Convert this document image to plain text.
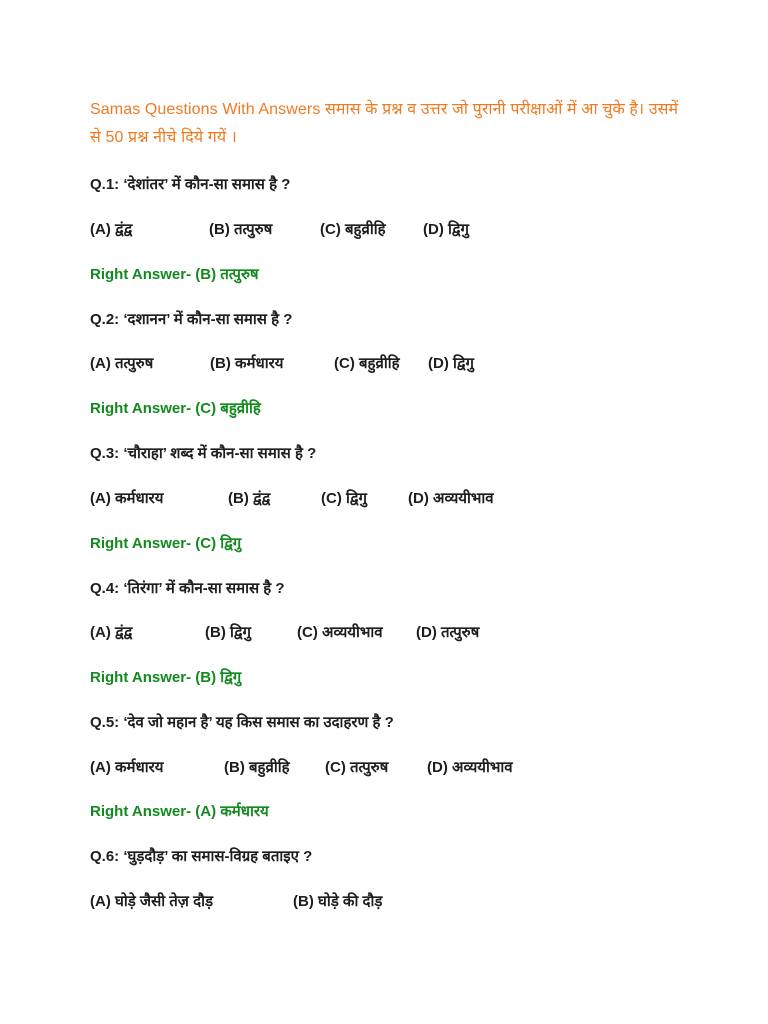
Samas Questions With Answers समास के प्रश्न व उत्तर जो पुरानी परीक्षाओं में आ चुके है। उसमें से 50 प्रश्न नीचे दिये गयें ।
Q.1: ‘देशांतर’ में कौन-सा समास है ?
(A) द्वंद्व	(B) तत्पुरुष	(C) बहुव्रीहि (D) द्विगु
Right Answer- (B) तत्पुरुष
Q.2: ‘दशानन’ में कौन-सा समास है ?
(A) तत्पुरुष	(B) कर्मधारय	(C) बहुव्रीहि (D) द्विगु
Right Answer- (C) बहुव्रीहि
Q.3: ‘चौराहा’ शब्द में कौन-सा समास है ?
(A) कर्मधारय	(B) द्वंद्व	(C) द्विगु	(D) अव्ययीभाव
Right Answer- (C) द्विगु
Q.4: ‘तिरंगा’ में कौन-सा समास है ?
(A) द्वंद्व	(B) द्विगु	(C) अव्ययीभाव (D) तत्पुरुष
Right Answer- (B) द्विगु
Q.5: ‘देव जो महान है’ यह किस समास का उदाहरण है ?
(A) कर्मधारय	(B) बहुव्रीहि (C) तत्पुरुष	(D) अव्ययीभाव
Right Answer- (A) कर्मधारय
Q.6: ‘घुड़दौड़’ का समास-विग्रह बताइए ?
(A) घोड़े जैसी तेज़ दौड़	(B) घोड़े की दौड़
